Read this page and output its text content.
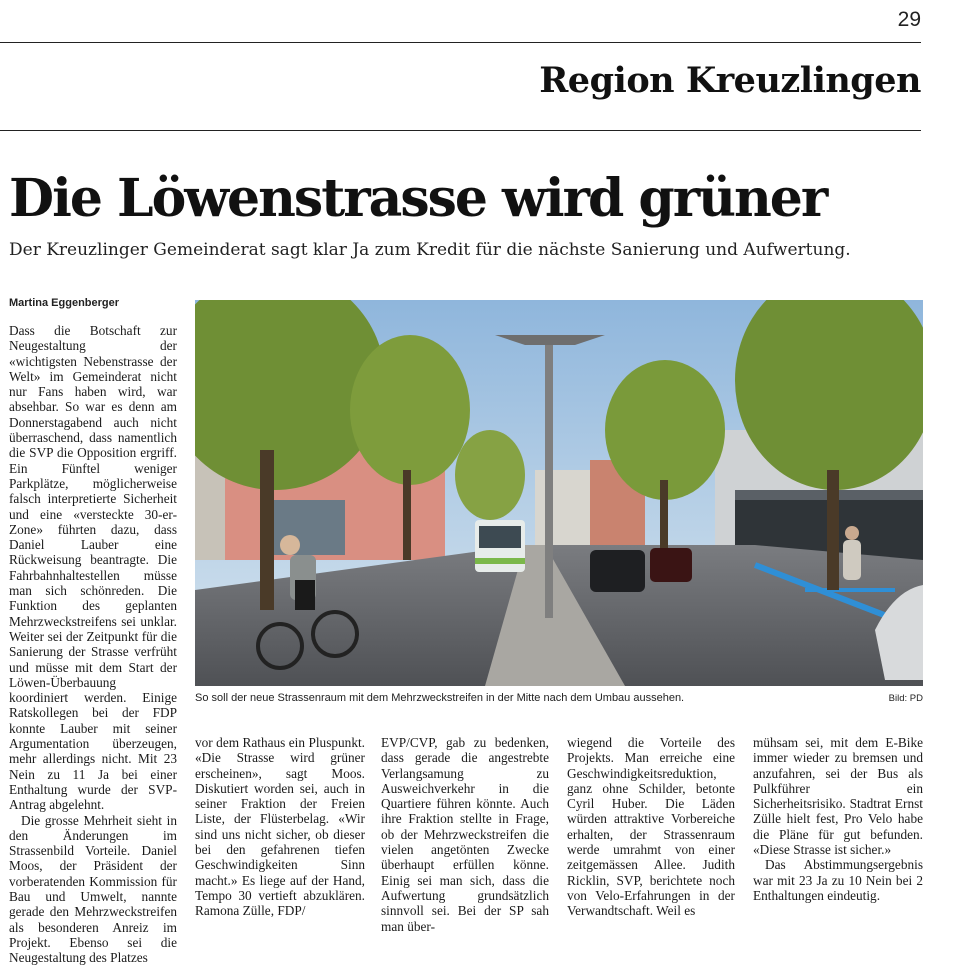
29
Region Kreuzlingen
Die Löwenstrasse wird grüner

Der Kreuzlinger Gemeinderat sagt klar Ja zum Kredit für die nächste Sanierung und Aufwertung.

Martina Eggenberger

Dass die Botschaft zur Neugestaltung der «wichtigsten Nebenstrasse der Welt» im Gemeinderat nicht nur Fans haben wird, war absehbar. So war es denn am Donnerstagabend auch nicht überraschend, dass namentlich die SVP die Opposition ergriff. Ein Fünftel weniger Parkplätze, möglicherweise falsch interpretierte Sicherheit und eine «versteckte 30-er-Zone» führten dazu, dass Daniel Lauber eine Rückweisung beantragte. Die Fahrbahnhaltestellen müsse man sich schönreden. Die Funktion des geplanten Mehrzweckstreifens sei unklar. Weiter sei der Zeitpunkt für die Sanierung der Strasse verfrüht und müsse mit dem Start der Löwen-Überbauung koordiniert werden. Einige Ratskollegen bei der FDP konnte Lauber mit seiner Argumentation überzeugen, mehr allerdings nicht. Mit 23 Nein zu 11 Ja bei einer Enthaltung wurde der SVP-Antrag abgelehnt.

Die grosse Mehrheit sieht in den Änderungen im Strassenbild Vorteile. Daniel Moos, der Präsident der vorberatenden Kommission für Bau und Umwelt, nannte gerade den Mehrzweckstreifen als besonderen Anreiz im Projekt. Ebenso sei die Neugestaltung des Platzes

So soll der neue Strassenraum mit dem Mehrzweckstreifen in der Mitte nach dem Umbau aussehen.	Bild: PD

vor dem Rathaus ein Pluspunkt. «Die Strasse wird grüner erscheinen», sagt Moos. Diskutiert worden sei, auch in seiner Fraktion der Freien Liste, der Flüsterbelag. «Wir sind uns nicht sicher, ob dieser bei den gefahrenen tiefen Geschwindigkeiten Sinn macht.» Es liege auf der Hand, Tempo 30 vertieft abzuklären. Ramona Zülle, FDP/

EVP/CVP, gab zu bedenken, dass gerade die angestrebte Verlangsamung zu Ausweichverkehr in die Quartiere führen könnte. Auch ihre Fraktion stellte in Frage, ob der Mehrzweckstreifen die vielen angetönten Zwecke überhaupt erfüllen könne. Einig sei man sich, dass die Aufwertung grundsätzlich sinnvoll sei. Bei der SP sah man über-

wiegend die Vorteile des Projekts. Man erreiche eine Geschwindigkeitsreduktion, ganz ohne Schilder, betonte Cyril Huber. Die Läden würden attraktive Vorbereiche erhalten, der Strassenraum werde umrahmt von einer zeitgemässen Allee. Judith Ricklin, SVP, berichtete noch von Velo-Erfahrungen in der Verwandtschaft. Weil es

mühsam sei, mit dem E-Bike immer wieder zu bremsen und anzufahren, sei der Bus als Pulkführer ein Sicherheitsrisiko. Stadtrat Ernst Zülle hielt fest, Pro Velo habe die Pläne für gut befunden. «Diese Strasse ist sicher.»

Das Abstimmungsergebnis war mit 23 Ja zu 10 Nein bei 2 Enthaltungen eindeutig.
